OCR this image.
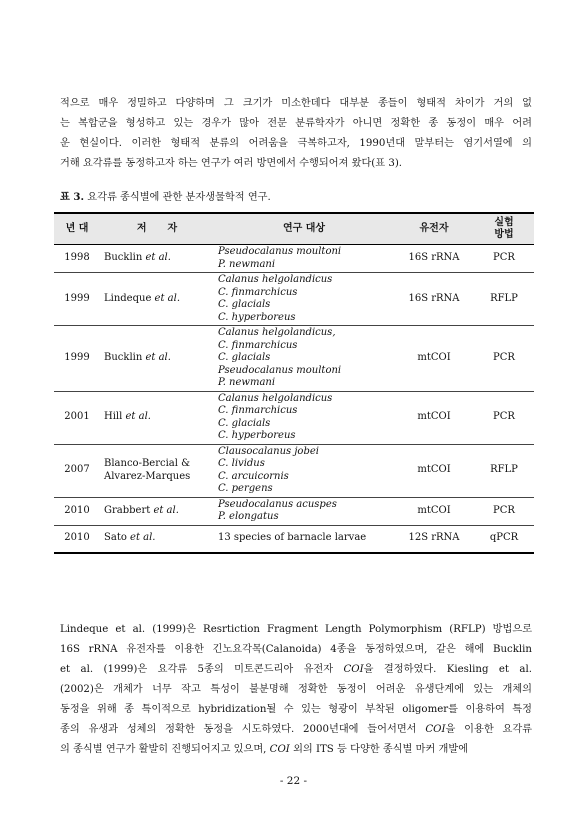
적으로 매우 정밀하고 다양하며 그 크기가 미소한데다 대부분 종들이 형태적 차이가 거의 없

는 복합군을 형성하고 있는 경우가 많아 전문 분류학자가 아니면 정확한 종 동정이 매우 어려

운 현실이다. 이러한 형태적 분류의 어려움을 극복하고자, 1990년대 말부터는 염기서열에 의

거해 요각류를 동정하고자 하는 연구가 여러 방면에서 수행되어져 왔다(표 3).

표 3. 요각류 종식별에 관한 분자생물학적 연구.
년 대	저      자	연구 대상	유전자	실험
방법
1998	Bucklin et al.	Pseudocalanus moultoni
P. newmani	16S rRNA	PCR
1999	Lindeque et al.	Calanus helgolandicus
C. finmarchicus
C. glacials
C. hyperboreus	16S rRNA	RFLP
1999	Bucklin et al.	Calanus helgolandicus,
C. finmarchicus
C. glacials
Pseudocalanus moultoni
P. newmani	mtCOI	PCR
2001	Hill et al.	Calanus helgolandicus
C. finmarchicus
C. glacials
C. hyperboreus	mtCOI	PCR
2007	Blanco-Bercial &
Alvarez-Marques	Clausocalanus jobei
C. lividus
C. arcuicornis
C. pergens	mtCOI	RFLP
2010	Grabbert et al.	Pseudocalanus acuspes
P. elongatus	mtCOI	PCR
2010	Sato et al.	13 species of barnacle larvae	12S rRNA	qPCR

Lindeque et al. (1999)은 Resrtiction Fragment Length Polymorphism (RFLP) 방법으로

16S rRNA 유전자를 이용한 긴노요각목(Calanoida) 4종을 동정하였으며, 같은 해에 Bucklin

et al. (1999)은 요각류 5종의 미토콘드리아 유전자 COI을 결정하였다. Kiesling et al.

(2002)은 개체가 너무 작고 특성이 불분명해 정확한 동정이 어려운 유생단계에 있는 개체의

동정을 위해 종 특이적으로 hybridization될 수 있는 형광이 부착된 oligomer를 이용하여 특정

종의 유생과 성체의 정확한 동정을 시도하였다. 2000년대에 들어서면서 COI을 이용한 요각류

의 종식별 연구가 활발히 진행되어지고 있으며, COI 외의 ITS 등 다양한 종식별 마커 개발에

- 22 -
